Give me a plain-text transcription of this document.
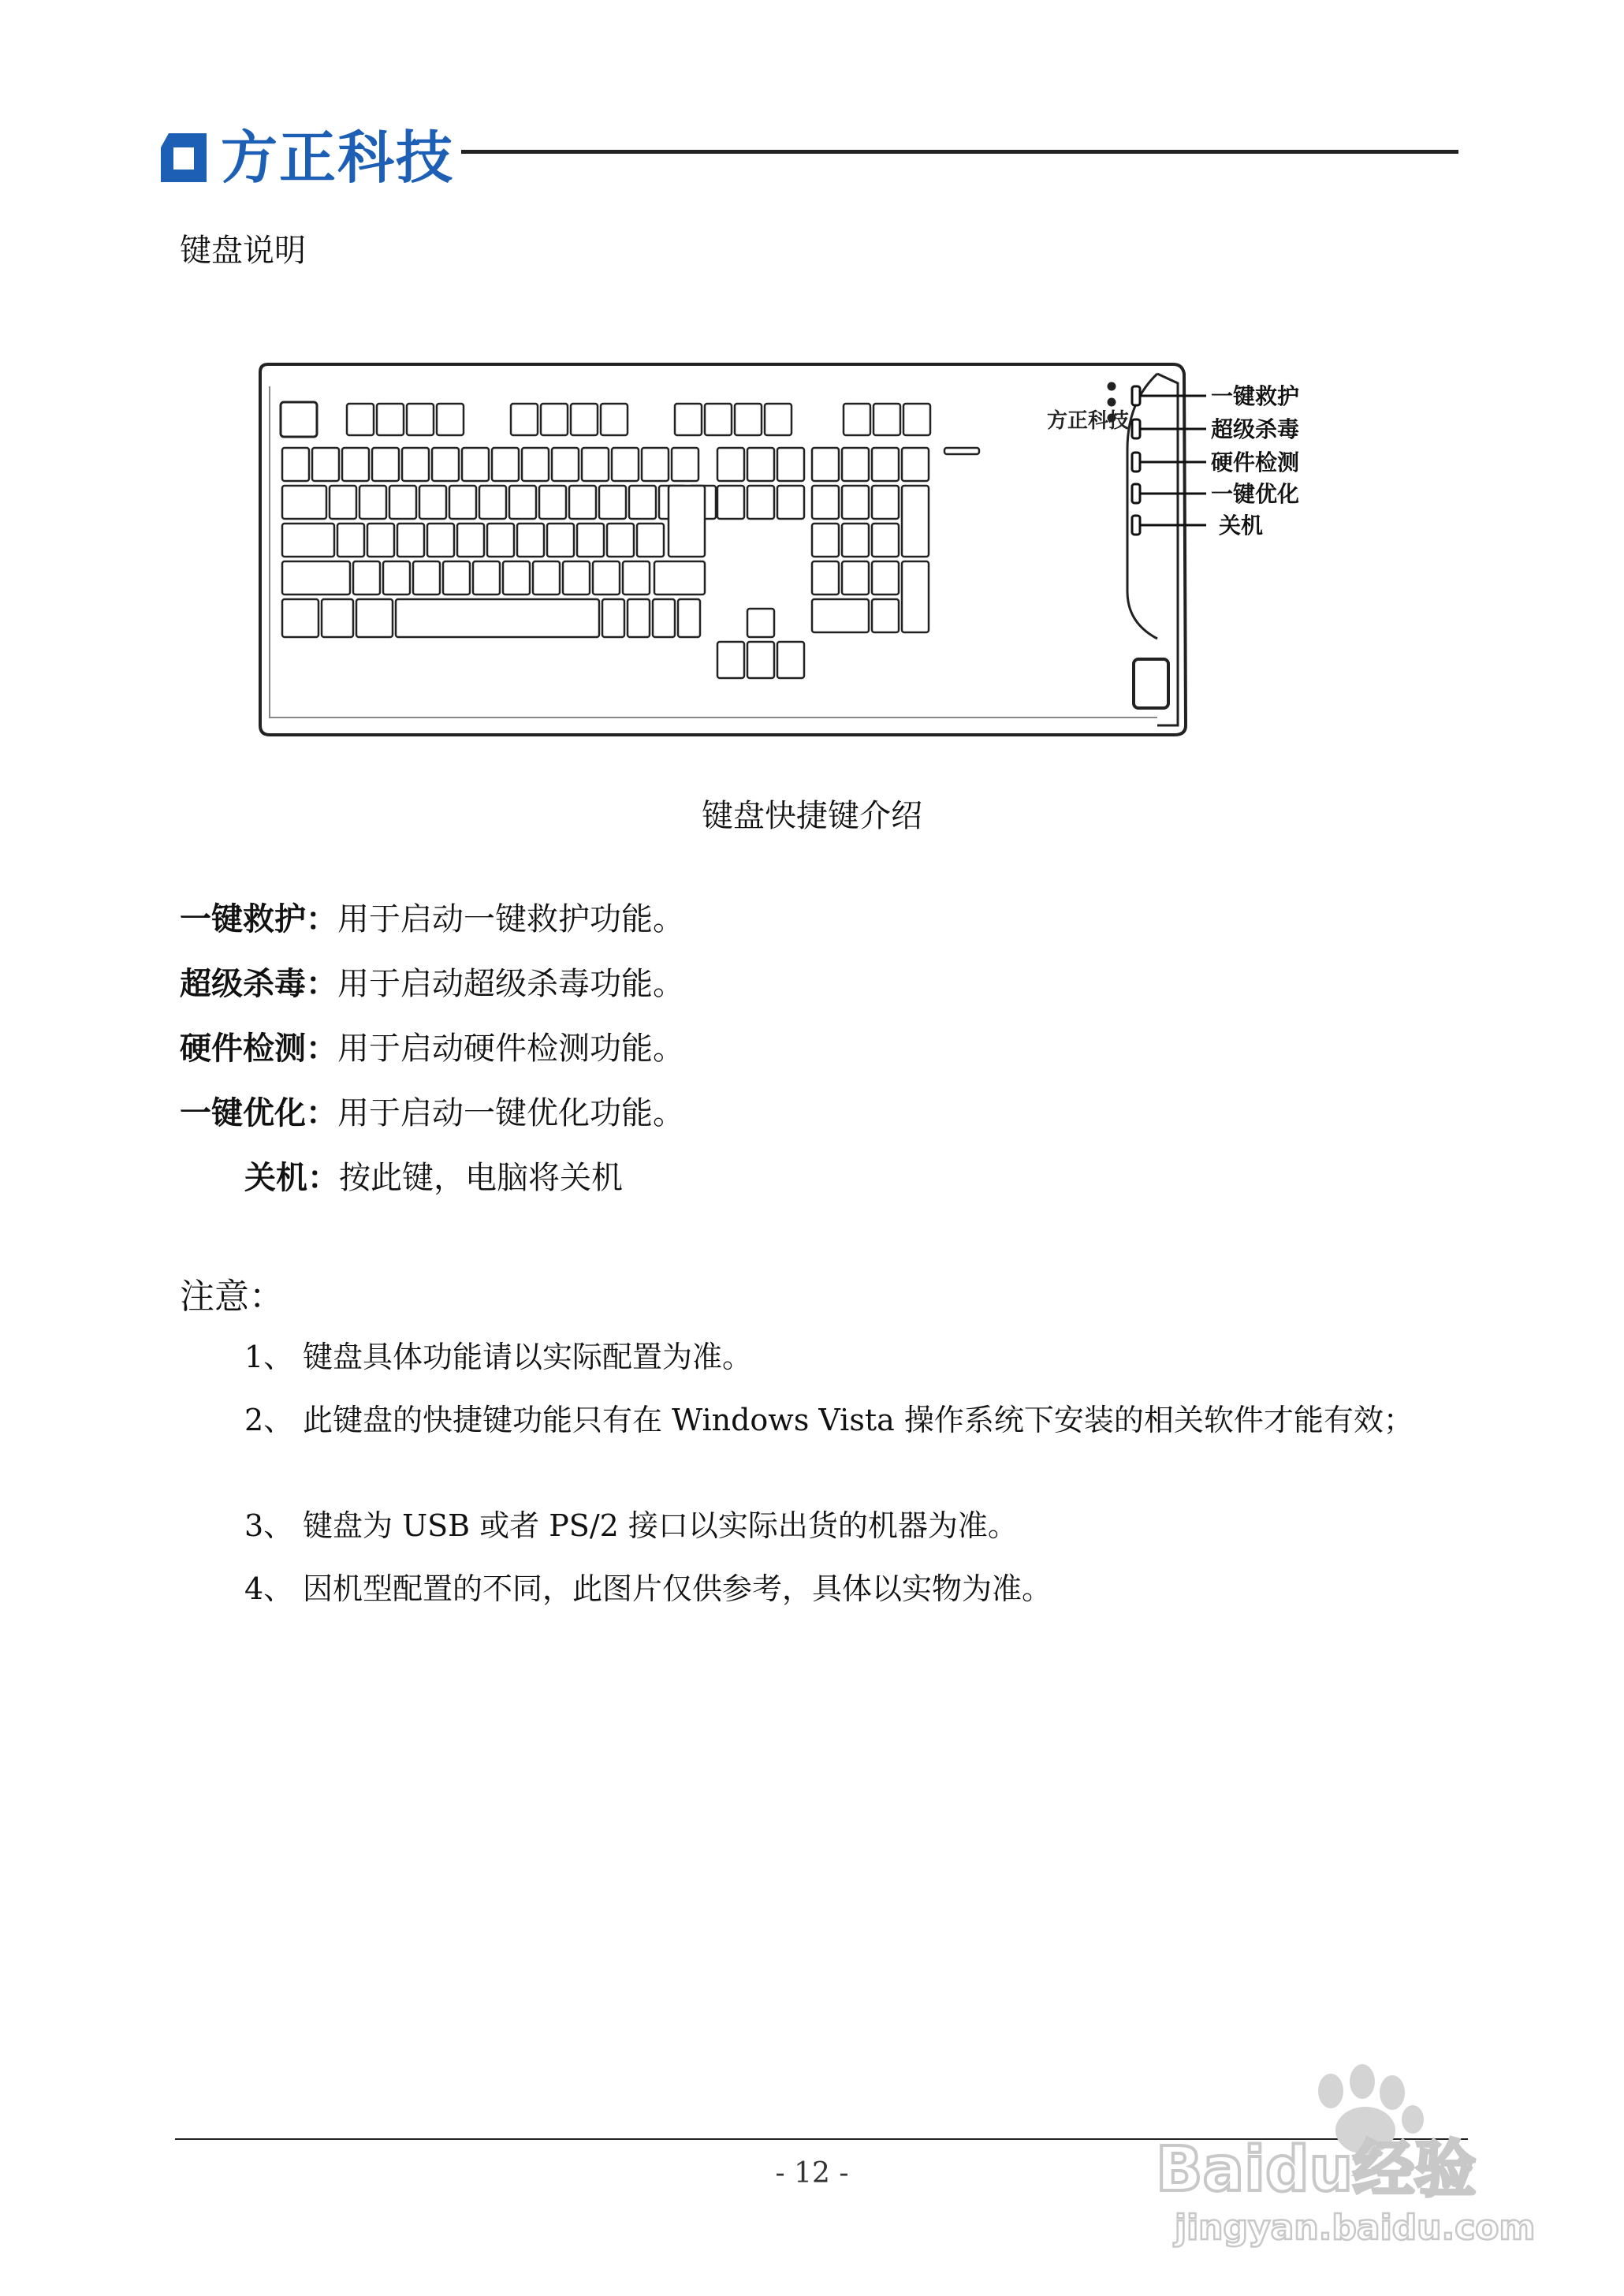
方正科技
键盘说明
方正科技
一键救护
超级杀毒
硬件检测
一键优化
关机
键盘快捷键介绍
一键救护：用于启动一键救护功能。
超级杀毒：用于启动超级杀毒功能。
硬件检测：用于启动硬件检测功能。
一键优化：用于启动一键优化功能。
关机：按此键，电脑将关机
注意：
1、 键盘具体功能请以实际配置为准。
2、 此键盘的快捷键功能只有在 Windows Vista 操作系统下安装的相关软件才能有效；
3、 键盘为 USB 或者 PS/2 接口以实际出货的机器为准。
4、 因机型配置的不同，此图片仅供参考，具体以实物为准。
- 12 -	Baidu经验
jingyan.baidu.com
